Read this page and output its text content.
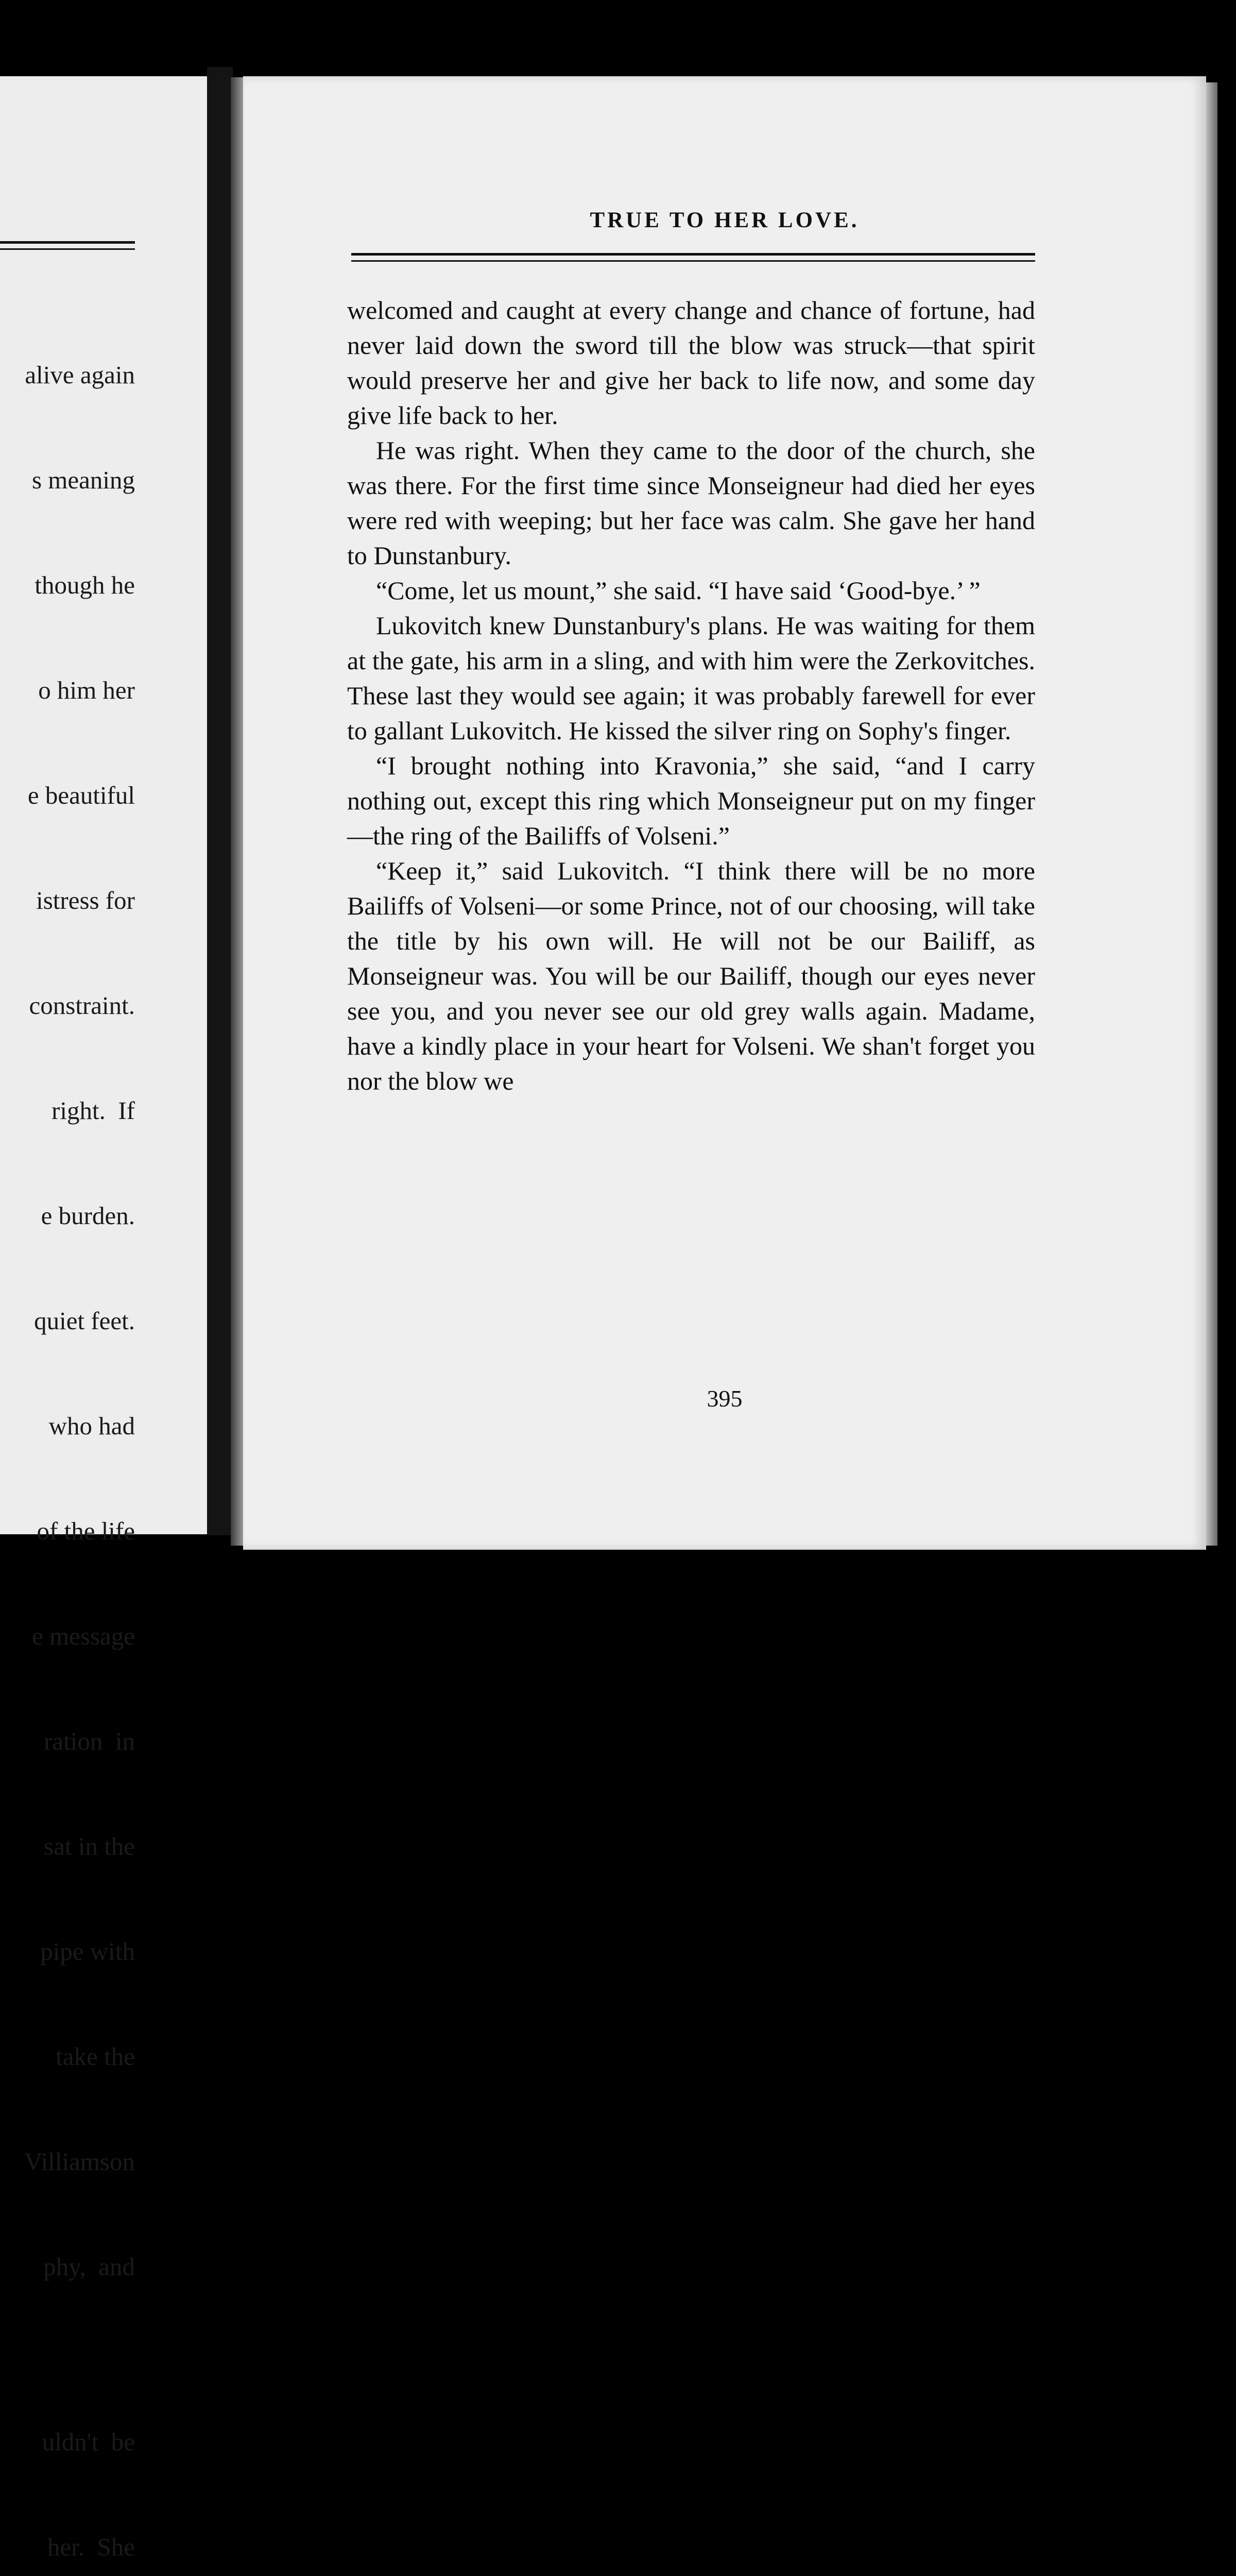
alive again

s meaning

though he

o him her

e beautiful

istress for

constraint.

right.  If

e burden.

quiet feet.

who had

of the life

e message

ration  in

sat in the

pipe with

take the

Villiamson

phy,  and

uldn't  be

her.  She

TRUE TO HER LOVE.

welcomed and caught at every change and chance of fortune, had never laid down the sword till the blow was struck—that spirit would preserve her and give her back to life now, and some day give life back to her.

He was right. When they came to the door of the church, she was there. For the first time since Monseigneur had died her eyes were red with weeping; but her face was calm. She gave her hand to Dunstanbury.

“Come, let us mount,” she said. “I have said ‘Good-bye.’ ”

Lukovitch knew Dunstanbury's plans. He was waiting for them at the gate, his arm in a sling, and with him were the Zerkovitches. These last they would see again; it was probably farewell for ever to gallant Lukovitch. He kissed the silver ring on Sophy's finger.

“I brought nothing into Kravonia,” she said, “and I carry nothing out, except this ring which Monseigneur put on my finger—the ring of the Bailiffs of Volseni.”

“Keep it,” said Lukovitch. “I think there will be no more Bailiffs of Volseni—or some Prince, not of our choosing, will take the title by his own will. He will not be our Bailiff, as Monseigneur was. You will be our Bailiff, though our eyes never see you, and you never see our old grey walls again. Madame, have a kindly place in your heart for Volseni. We shan't forget you nor the blow we

395
